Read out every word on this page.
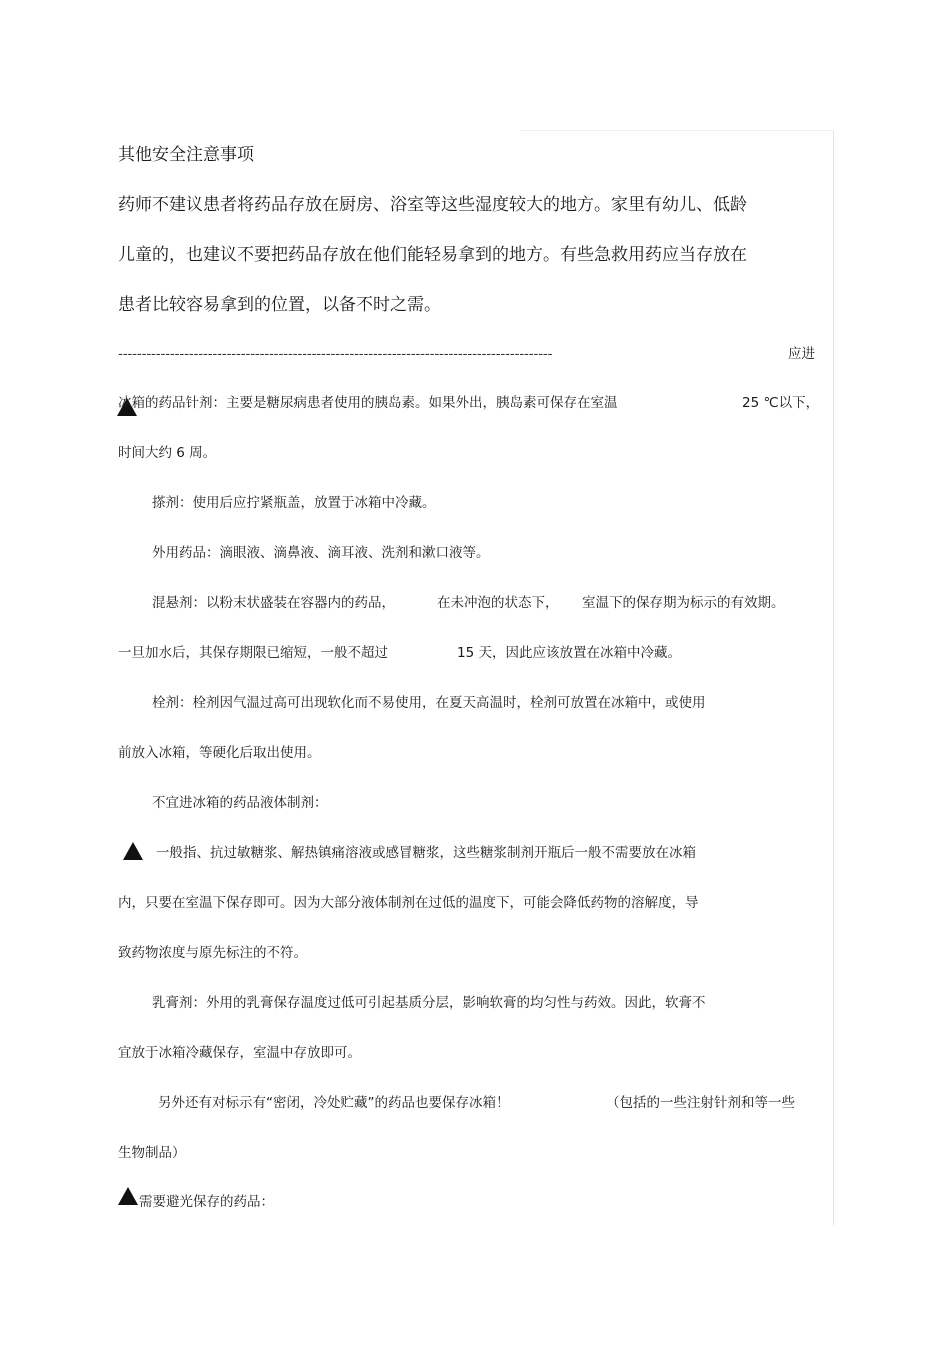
其他安全注意事项
药师不建议患者将药品存放在厨房、浴室等这些湿度较大的地方。家里有幼儿、低龄
儿童的，也建议不要把药品存放在他们能轻易拿到的地方。有些急救用药应当存放在
患者比较容易拿到的位置，以备不时之需。
--------------------------------------------------------------------------------------------	应进
冰箱的药品针剂：主要是糖尿病患者使用的胰岛素。如果外出，胰岛素可保存在室温	25 ℃以下，
时间大约 6 周。
搽剂：使用后应拧紧瓶盖，放置于冰箱中冷藏。
外用药品：滴眼液、滴鼻液、滴耳液、洗剂和漱口液等。
混悬剂：以粉末状盛装在容器内的药品，	在未冲泡的状态下， 室温下的保存期为标示的有效期。
一旦加水后，其保存期限已缩短，一般不超过	15 天，因此应该放置在冰箱中冷藏。
栓剂：栓剂因气温过高可出现软化而不易使用，在夏天高温时，栓剂可放置在冰箱中，或使用
前放入冰箱，等硬化后取出使用。
不宜进冰箱的药品液体制剂：
一般指、抗过敏糖浆、解热镇痛溶液或感冒糖浆，这些糖浆制剂开瓶后一般不需要放在冰箱
内，只要在室温下保存即可。因为大部分液体制剂在过低的温度下，可能会降低药物的溶解度，导
致药物浓度与原先标注的不符。
乳膏剂：外用的乳膏保存温度过低可引起基质分层，影响软膏的均匀性与药效。因此，软膏不
宜放于冰箱冷藏保存，室温中存放即可。
另外还有对标示有“密闭，冷处贮藏”的药品也要保存冰箱！	（包括的一些注射针剂和等一些
生物制品）
需要避光保存的药品：
